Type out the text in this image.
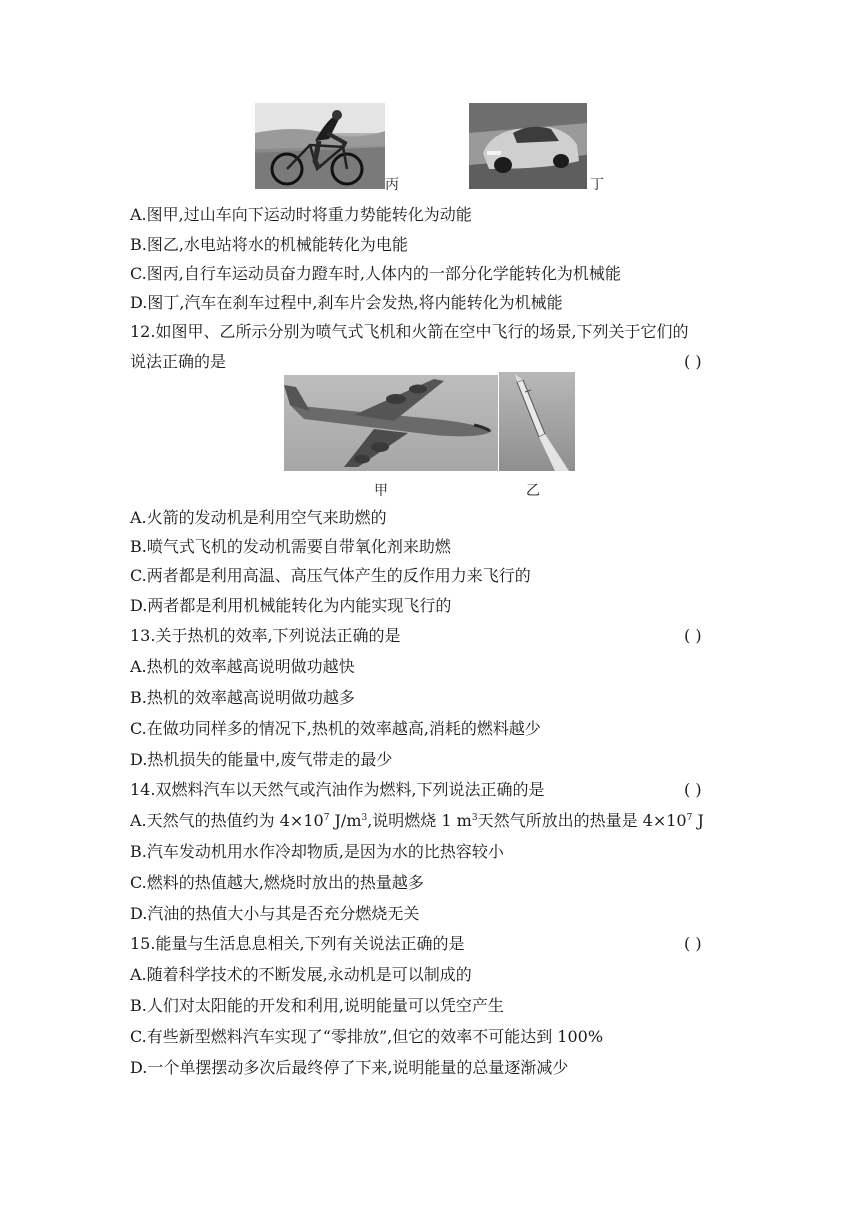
丙	丁
A.图甲,过山车向下运动时将重力势能转化为动能
B.图乙,水电站将水的机械能转化为电能
C.图丙,自行车运动员奋力蹬车时,人体内的一部分化学能转化为机械能
D.图丁,汽车在刹车过程中,刹车片会发热,将内能转化为机械能
12.如图甲、乙所示分别为喷气式飞机和火箭在空中飞行的场景,下列关于它们的
说法正确的是	( )
甲	乙
A.火箭的发动机是利用空气来助燃的
B.喷气式飞机的发动机需要自带氧化剂来助燃
C.两者都是利用高温、高压气体产生的反作用力来飞行的
D.两者都是利用机械能转化为内能实现飞行的
13.关于热机的效率,下列说法正确的是	( )
A.热机的效率越高说明做功越快
B.热机的效率越高说明做功越多
C.在做功同样多的情况下,热机的效率越高,消耗的燃料越少
D.热机损失的能量中,废气带走的最少
14.双燃料汽车以天然气或汽油作为燃料,下列说法正确的是	( )
A.天然气的热值约为 $4\times 10^7$ $J/m^3$,说明燃烧 1 $m^3$天然气所放出的热量是 $4\times 10^7$ J
B.汽车发动机用水作冷却物质,是因为水的比热容较小
C.燃料的热值越大,燃烧时放出的热量越多
D.汽油的热值大小与其是否充分燃烧无关
15.能量与生活息息相关,下列有关说法正确的是	( )
A.随着科学技术的不断发展,永动机是可以制成的
B.人们对太阳能的开发和利用,说明能量可以凭空产生
C.有些新型燃料汽车实现了“零排放”,但它的效率不可能达到 100%
D.一个单摆摆动多次后最终停了下来,说明能量的总量逐渐减少
